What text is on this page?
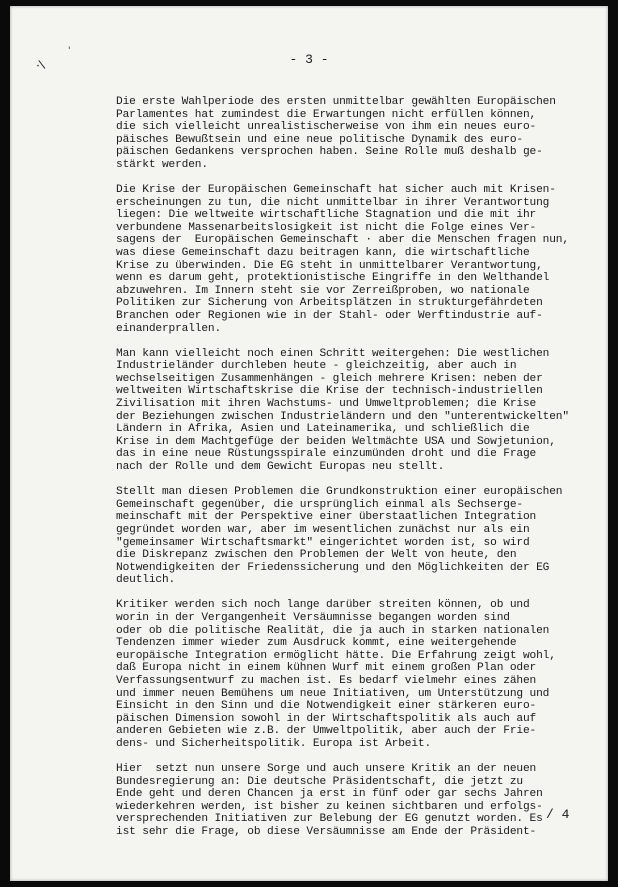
·\
'
- 3 -
Die erste Wahlperiode des ersten unmittelbar gewählten Europäischen
Parlamentes hat zumindest die Erwartungen nicht erfüllen können,
die sich vielleicht unrealistischerweise von ihm ein neues euro-
päisches Bewußtsein und eine neue politische Dynamik des euro-
päischen Gedankens versprochen haben. Seine Rolle muß deshalb ge-
stärkt werden.
Die Krise der Europäischen Gemeinschaft hat sicher auch mit Krisen-
erscheinungen zu tun, die nicht unmittelbar in ihrer Verantwortung
liegen: Die weltweite wirtschaftliche Stagnation und die mit ihr
verbundene Massenarbeitslosigkeit ist nicht die Folge eines Ver-
sagens der  Europäischen Gemeinschaft · aber die Menschen fragen nun,
was diese Gemeinschaft dazu beitragen kann, die wirtschaftliche
Krise zu überwinden. Die EG steht in unmittelbarer Verantwortung,
wenn es darum geht, protektionistische Eingriffe in den Welthandel
abzuwehren. Im Innern steht sie vor Zerreißproben, wo nationale
Politiken zur Sicherung von Arbeitsplätzen in strukturgefährdeten
Branchen oder Regionen wie in der Stahl- oder Werftindustrie auf-
einanderprallen.
Man kann vielleicht noch einen Schritt weitergehen: Die westlichen
Industrieländer durchleben heute - gleichzeitig, aber auch in
wechselseitigen Zusammenhängen - gleich mehrere Krisen: neben der
weltweiten Wirtschaftskrise die Krise der technisch-industriellen
Zivilisation mit ihren Wachstums- und Umweltproblemen; die Krise
der Beziehungen zwischen Industrieländern und den "unterentwickelten"
Ländern in Afrika, Asien und Lateinamerika, und schließlich die
Krise in dem Machtgefüge der beiden Weltmächte USA und Sowjetunion,
das in eine neue Rüstungsspirale einzumünden droht und die Frage
nach der Rolle und dem Gewicht Europas neu stellt.
Stellt man diesen Problemen die Grundkonstruktion einer europäischen
Gemeinschaft gegenüber, die ursprünglich einmal als Sechserge-
meinschaft mit der Perspektive einer überstaatlichen Integration
gegründet worden war, aber im wesentlichen zunächst nur als ein
"gemeinsamer Wirtschaftsmarkt" eingerichtet worden ist, so wird
die Diskrepanz zwischen den Problemen der Welt von heute, den
Notwendigkeiten der Friedenssicherung und den Möglichkeiten der EG
deutlich.
Kritiker werden sich noch lange darüber streiten können, ob und
worin in der Vergangenheit Versäumnisse begangen worden sind
oder ob die politische Realität, die ja auch in starken nationalen
Tendenzen immer wieder zum Ausdruck kommt, eine weitergehende
europäische Integration ermöglicht hätte. Die Erfahrung zeigt wohl,
daß Europa nicht in einem kühnen Wurf mit einem großen Plan oder
Verfassungsentwurf zu machen ist. Es bedarf vielmehr eines zähen
und immer neuen Bemühens um neue Initiativen, um Unterstützung und
Einsicht in den Sinn und die Notwendigkeit einer stärkeren euro-
päischen Dimension sowohl in der Wirtschaftspolitik als auch auf
anderen Gebieten wie z.B. der Umweltpolitik, aber auch der Frie-
dens- und Sicherheitspolitik. Europa ist Arbeit.
Hier  setzt nun unsere Sorge und auch unsere Kritik an der neuen
Bundesregierung an: Die deutsche Präsidentschaft, die jetzt zu
Ende geht und deren Chancen ja erst in fünf oder gar sechs Jahren
wiederkehren werden, ist bisher zu keinen sichtbaren und erfolgs-
versprechenden Initiativen zur Belebung der EG genutzt worden. Es
ist sehr die Frage, ob diese Versäumnisse am Ende der Präsident-
/ 4
